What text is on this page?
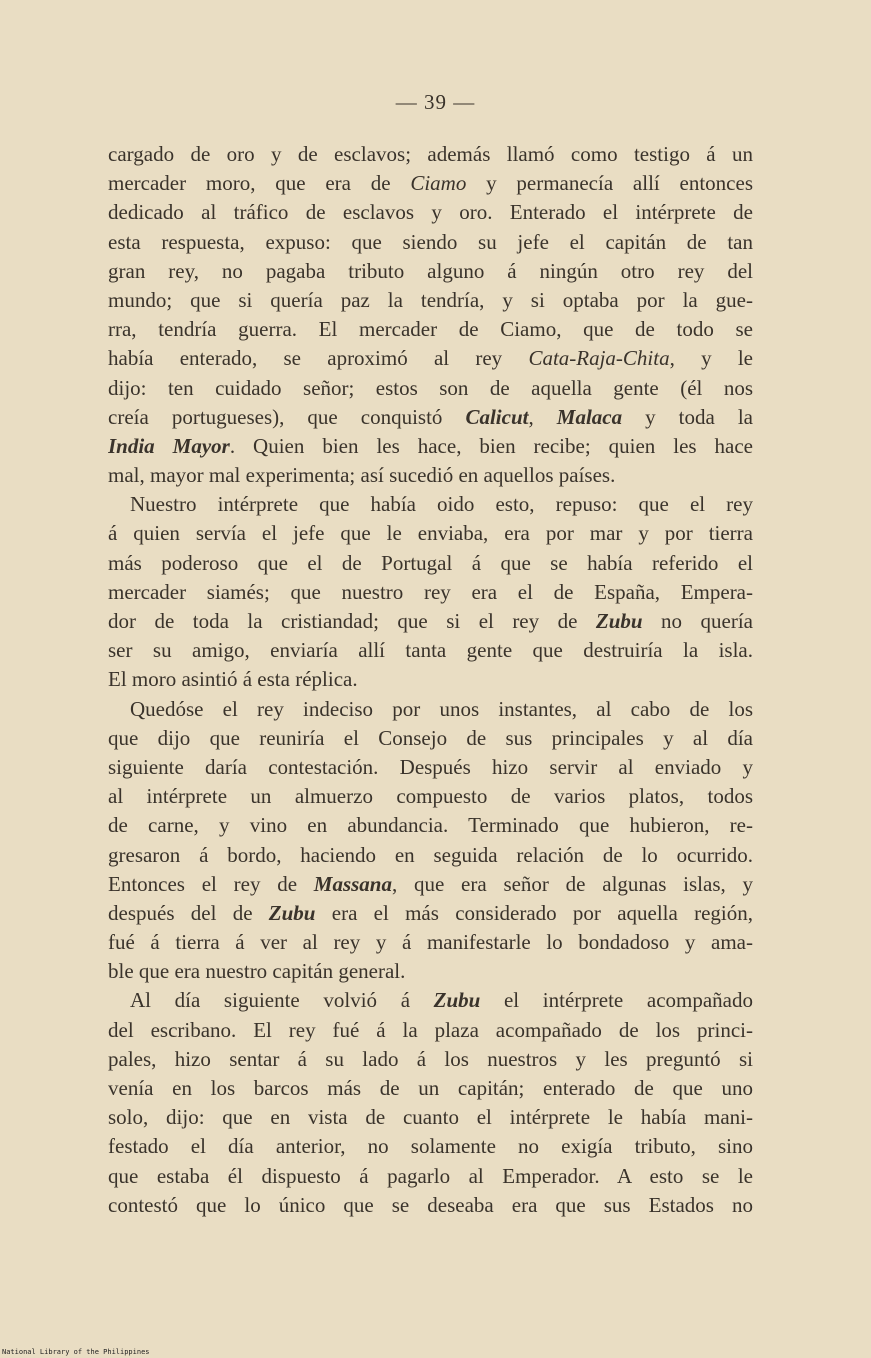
— 39 —
cargado de oro y de esclavos; además llamó como testigo á un
mercader moro, que era de Ciamo y permanecía allí entonces
dedicado al tráfico de esclavos y oro. Enterado el intérprete de
esta respuesta, expuso: que siendo su jefe el capitán de tan
gran rey, no pagaba tributo alguno á ningún otro rey del
mundo; que si quería paz la tendría, y si optaba por la gue-
rra, tendría guerra. El mercader de Ciamo, que de todo se
había enterado, se aproximó al rey Cata-Raja-Chita, y le
dijo: ten cuidado señor; estos son de aquella gente (él nos
creía portugueses), que conquistó Calicut, Malaca y toda la
India Mayor. Quien bien les hace, bien recibe; quien les hace
mal, mayor mal experimenta; así sucedió en aquellos países.
Nuestro intérprete que había oido esto, repuso: que el rey
á quien servía el jefe que le enviaba, era por mar y por tierra
más poderoso que el de Portugal á que se había referido el
mercader siamés; que nuestro rey era el de España, Empera-
dor de toda la cristiandad; que si el rey de Zubu no quería
ser su amigo, enviaría allí tanta gente que destruiría la isla.
El moro asintió á esta réplica.
Quedóse el rey indeciso por unos instantes, al cabo de los
que dijo que reuniría el Consejo de sus principales y al día
siguiente daría contestación. Después hizo servir al enviado y
al intérprete un almuerzo compuesto de varios platos, todos
de carne, y vino en abundancia. Terminado que hubieron, re-
gresaron á bordo, haciendo en seguida relación de lo ocurrido.
Entonces el rey de Massana, que era señor de algunas islas, y
después del de Zubu era el más considerado por aquella región,
fué á tierra á ver al rey y á manifestarle lo bondadoso y ama-
ble que era nuestro capitán general.
Al día siguiente volvió á Zubu el intérprete acompañado
del escribano. El rey fué á la plaza acompañado de los princi-
pales, hizo sentar á su lado á los nuestros y les preguntó si
venía en los barcos más de un capitán; enterado de que uno
solo, dijo: que en vista de cuanto el intérprete le había mani-
festado el día anterior, no solamente no exigía tributo, sino
que estaba él dispuesto á pagarlo al Emperador. A esto se le
contestó que lo único que se deseaba era que sus Estados no
National Library of the Philippines
